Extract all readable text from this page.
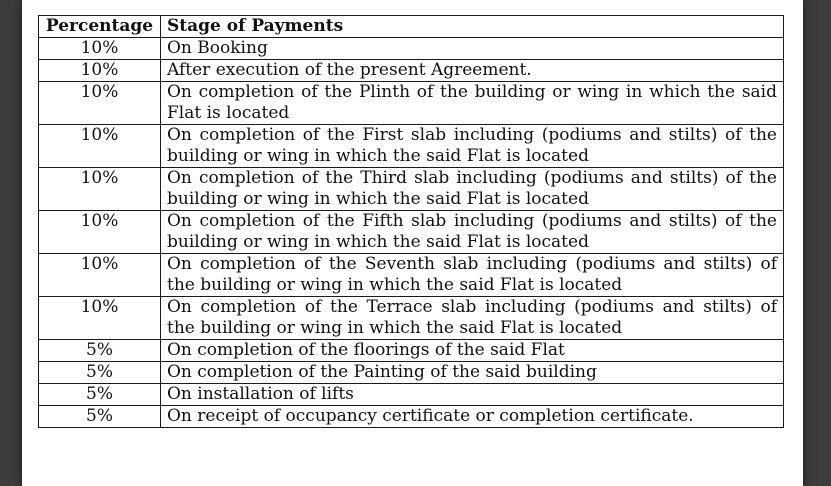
Percentage	Stage of Payments
10%	On Booking
10%	After execution of the present Agreement.
10%	On completion of the Plinth of the building or wing in which the said Flat is located
10%	On completion of the First slab including (podiums and stilts) of the building or wing in which the said Flat is located
10%	On completion of the Third slab including (podiums and stilts) of the building or wing in which the said Flat is located
10%	On completion of the Fifth slab including (podiums and stilts) of the building or wing in which the said Flat is located
10%	On completion of the Seventh slab including (podiums and stilts) of the building or wing in which the said Flat is located
10%	On completion of the Terrace slab including (podiums and stilts) of the building or wing in which the said Flat is located
5%	On completion of the floorings of the said Flat
5%	On completion of the Painting of the said building
5%	On installation of lifts
5%	On receipt of occupancy certificate or completion certificate.
